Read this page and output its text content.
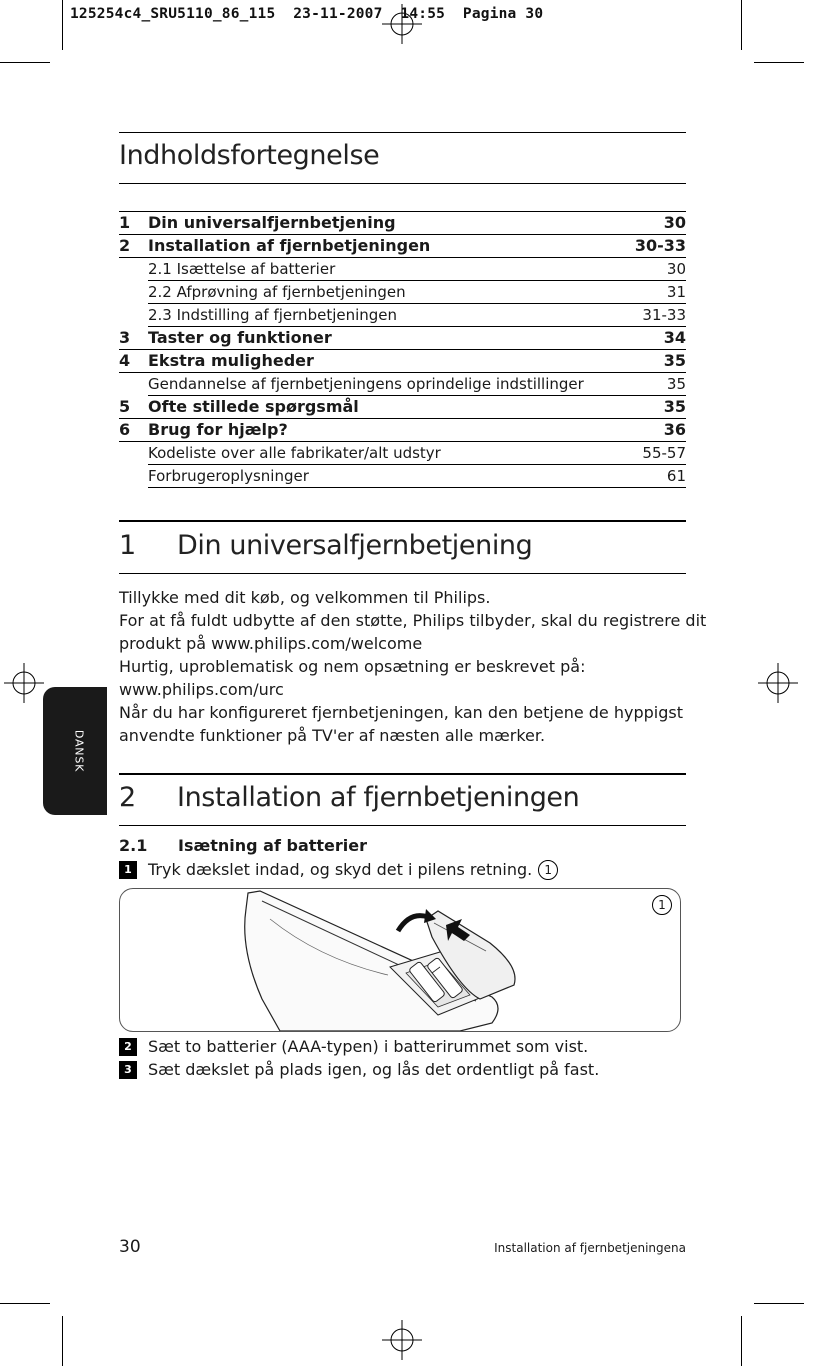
125254c4_SRU5110_86_115  23-11-2007  14:55  Pagina 30
Indholdsfortegnelse
1	Din universalfjernbetjening	30
2	Installation af fjernbetjeningen	30-33
2.1 Isættelse af batterier	30
2.2 Afprøvning af fjernbetjeningen	31
2.3 Indstilling af fjernbetjeningen	31-33
3	Taster og funktioner	34
4	Ekstra muligheder	35
Gendannelse af fjernbetjeningens oprindelige indstillinger	35
5	Ofte stillede spørgsmål	35
6	Brug for hjælp?	36
Kodeliste over alle fabrikater/alt udstyr	55-57
Forbrugeroplysninger	61
1 Din universalfjernbetjening
Tillykke med dit køb, og velkommen til Philips.
For at få fuldt udbytte af den støtte, Philips tilbyder, skal du registrere dit
produkt på www.philips.com/welcome
Hurtig, uproblematisk og nem opsætning er beskrevet på:
www.philips.com/urc
Når du har konfigureret fjernbetjeningen, kan den betjene de hyppigst
anvendte funktioner på TV'er af næsten alle mærker.
2 Installation af fjernbetjeningen
2.1 Isætning af batterier
1	Tryk dækslet indad, og skyd det i pilens retning.	1
1
2	Sæt to batterier (AAA-typen) i batterirummet som vist.
3	Sæt dækslet på plads igen, og lås det ordentligt på fast.
DANSK
30	Installation af fjernbetjeningena
